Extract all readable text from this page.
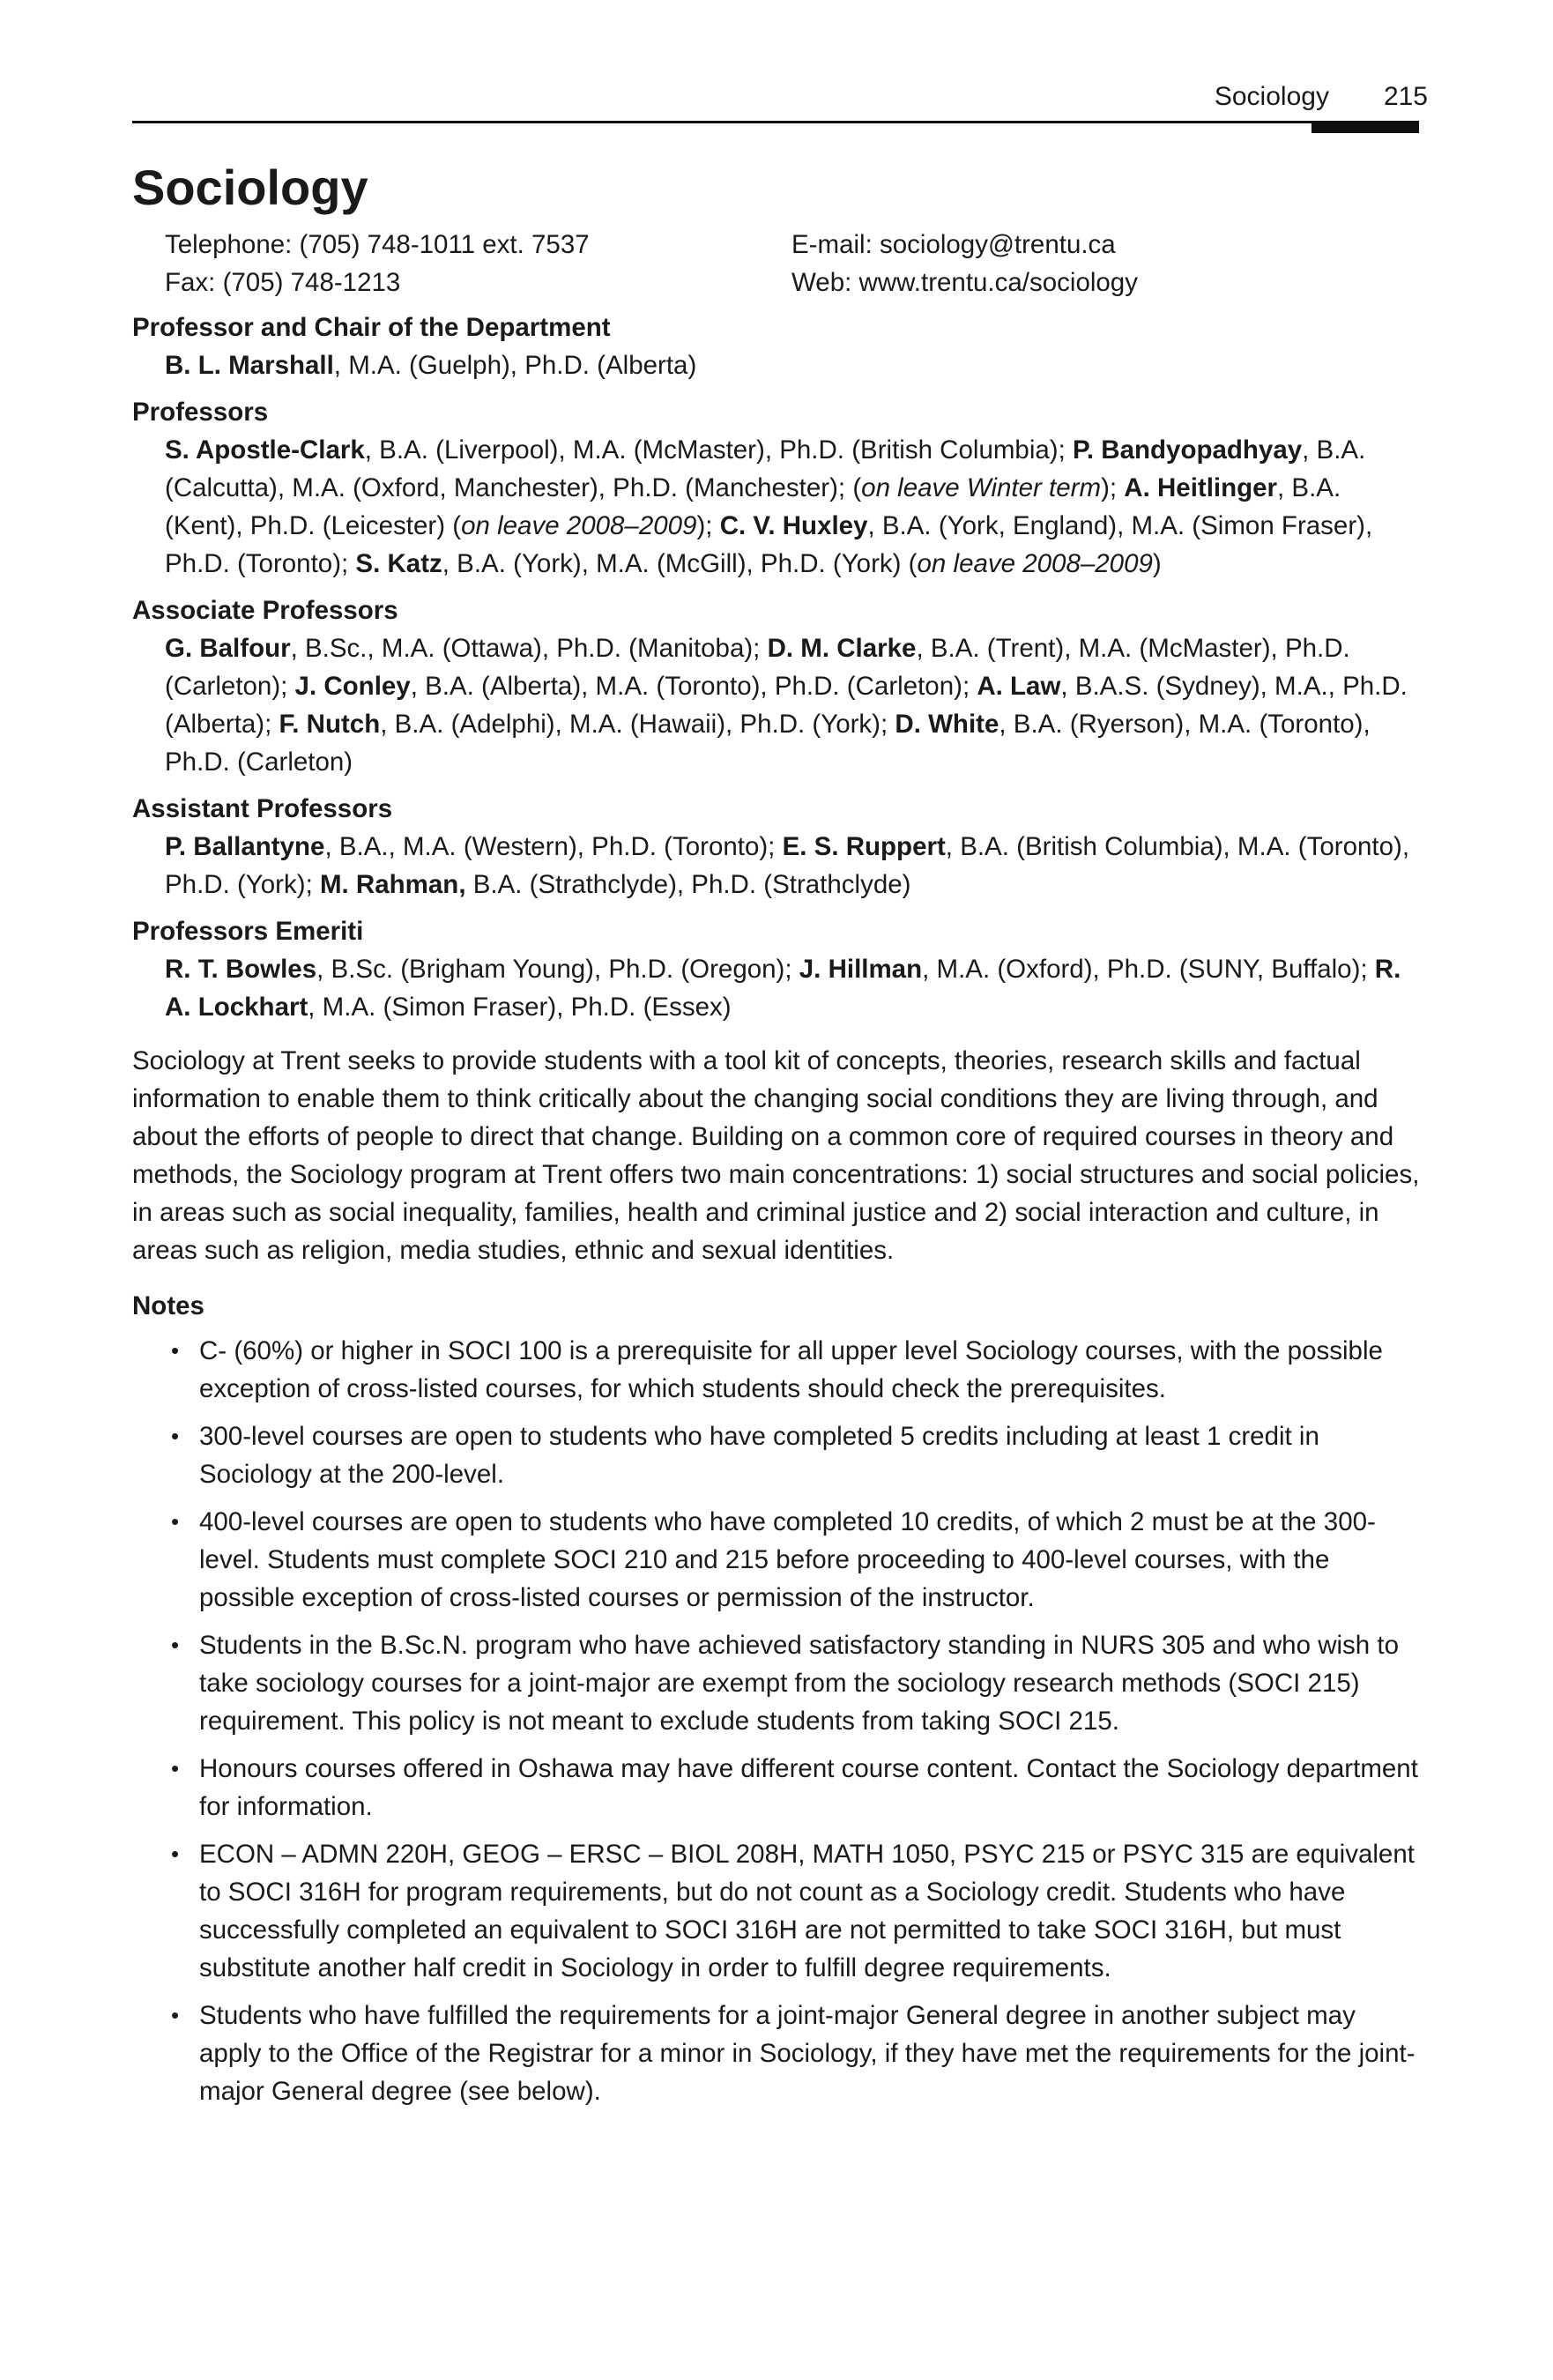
Sociology 215
Sociology
Telephone: (705) 748-1011 ext. 7537
Fax: (705) 748-1213
E-mail: sociology@trentu.ca
Web: www.trentu.ca/sociology
Professor and Chair of the Department
B. L. Marshall, M.A. (Guelph), Ph.D. (Alberta)
Professors
S. Apostle-Clark, B.A. (Liverpool), M.A. (McMaster), Ph.D. (British Columbia); P. Bandyopadhyay, B.A. (Calcutta), M.A. (Oxford, Manchester), Ph.D. (Manchester); (on leave Winter term); A. Heitlinger, B.A. (Kent), Ph.D. (Leicester) (on leave 2008–2009); C. V. Huxley, B.A. (York, England), M.A. (Simon Fraser), Ph.D. (Toronto); S. Katz, B.A. (York), M.A. (McGill), Ph.D. (York) (on leave 2008–2009)
Associate Professors
G. Balfour, B.Sc., M.A. (Ottawa), Ph.D. (Manitoba); D. M. Clarke, B.A. (Trent), M.A. (McMaster), Ph.D. (Carleton); J. Conley, B.A. (Alberta), M.A. (Toronto), Ph.D. (Carleton); A. Law, B.A.S. (Sydney), M.A., Ph.D. (Alberta); F. Nutch, B.A. (Adelphi), M.A. (Hawaii), Ph.D. (York); D. White, B.A. (Ryerson), M.A. (Toronto), Ph.D. (Carleton)
Assistant Professors
P. Ballantyne, B.A., M.A. (Western), Ph.D. (Toronto); E. S. Ruppert, B.A. (British Columbia), M.A. (Toronto), Ph.D. (York); M. Rahman, B.A. (Strathclyde), Ph.D. (Strathclyde)
Professors Emeriti
R. T. Bowles, B.Sc. (Brigham Young), Ph.D. (Oregon); J. Hillman, M.A. (Oxford), Ph.D. (SUNY, Buffalo); R. A. Lockhart, M.A. (Simon Fraser), Ph.D. (Essex)

Sociology at Trent seeks to provide students with a tool kit of concepts, theories, research skills and factual information to enable them to think critically about the changing social conditions they are living through, and about the efforts of people to direct that change. Building on a common core of required courses in theory and methods, the Sociology program at Trent offers two main concentrations: 1) social structures and social policies, in areas such as social inequality, families, health and criminal justice and 2) social interaction and culture, in areas such as religion, media studies, ethnic and sexual identities.

Notes
• C- (60%) or higher in SOCI 100 is a prerequisite for all upper level Sociology courses, with the possible exception of cross-listed courses, for which students should check the prerequisites.
• 300-level courses are open to students who have completed 5 credits including at least 1 credit in Sociology at the 200-level.
• 400-level courses are open to students who have completed 10 credits, of which 2 must be at the 300-level. Students must complete SOCI 210 and 215 before proceeding to 400-level courses, with the possible exception of cross-listed courses or permission of the instructor.
• Students in the B.Sc.N. program who have achieved satisfactory standing in NURS 305 and who wish to take sociology courses for a joint-major are exempt from the sociology research methods (SOCI 215) requirement. This policy is not meant to exclude students from taking SOCI 215.
• Honours courses offered in Oshawa may have different course content. Contact the Sociology department for information.
• ECON – ADMN 220H, GEOG – ERSC – BIOL 208H, MATH 1050, PSYC 215 or PSYC 315 are equivalent to SOCI 316H for program requirements, but do not count as a Sociology credit. Students who have successfully completed an equivalent to SOCI 316H are not permitted to take SOCI 316H, but must substitute another half credit in Sociology in order to fulfill degree requirements.
• Students who have fulfilled the requirements for a joint-major General degree in another subject may apply to the Office of the Registrar for a minor in Sociology, if they have met the requirements for the joint-major General degree (see below).
